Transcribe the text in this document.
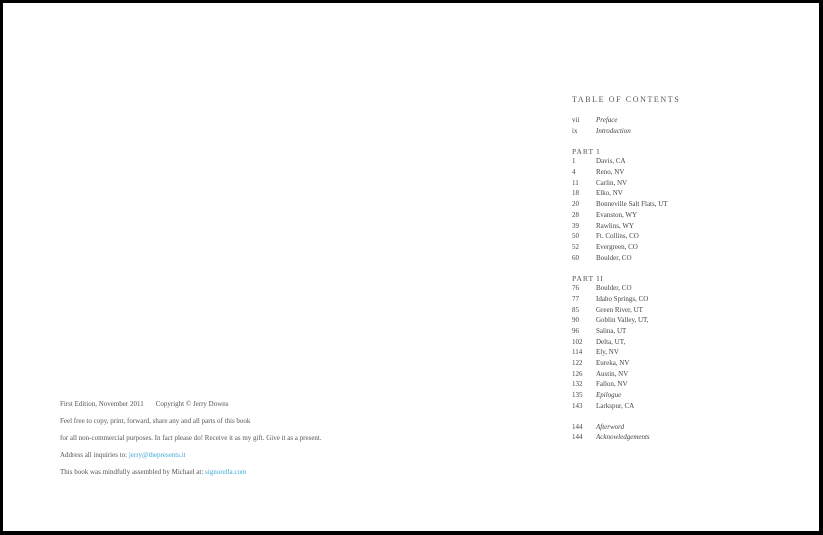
First Edition, November 2011 Copyright © Jerry Downs
Feel free to copy, print, forward, share any and all parts of this book
for all non-commercial purposes. In fact please do! Receive it as my gift. Give it as a present.
Address all inquiries to: jerry@thepresents.it
This book was mindfully assembled by Michael at: signorella.com
TABLE OF CONTENTS
vii	Preface
ix	Introduction
PART I
1	Davis, CA
4	Reno, NV
11	Carlin, NV
18	Elko, NV
20	Bonneville Salt Flats, UT
28	Evanston, WY
39	Rawlins, WY
50	Ft. Collins, CO
52	Evergreen, CO
60	Boulder, CO
PART II
76	Boulder, CO
77	Idaho Springs, CO
85	Green River, UT
90	Goblin Valley, UT,
96	Salina, UT
102	Delta, UT,
114	Ely, NV
122	Eureka, NV
126	Austin, NV
132	Fallon, NV
135	Epilogue
143	Larkspur, CA
144	Afterword
144	Acknowledgements
